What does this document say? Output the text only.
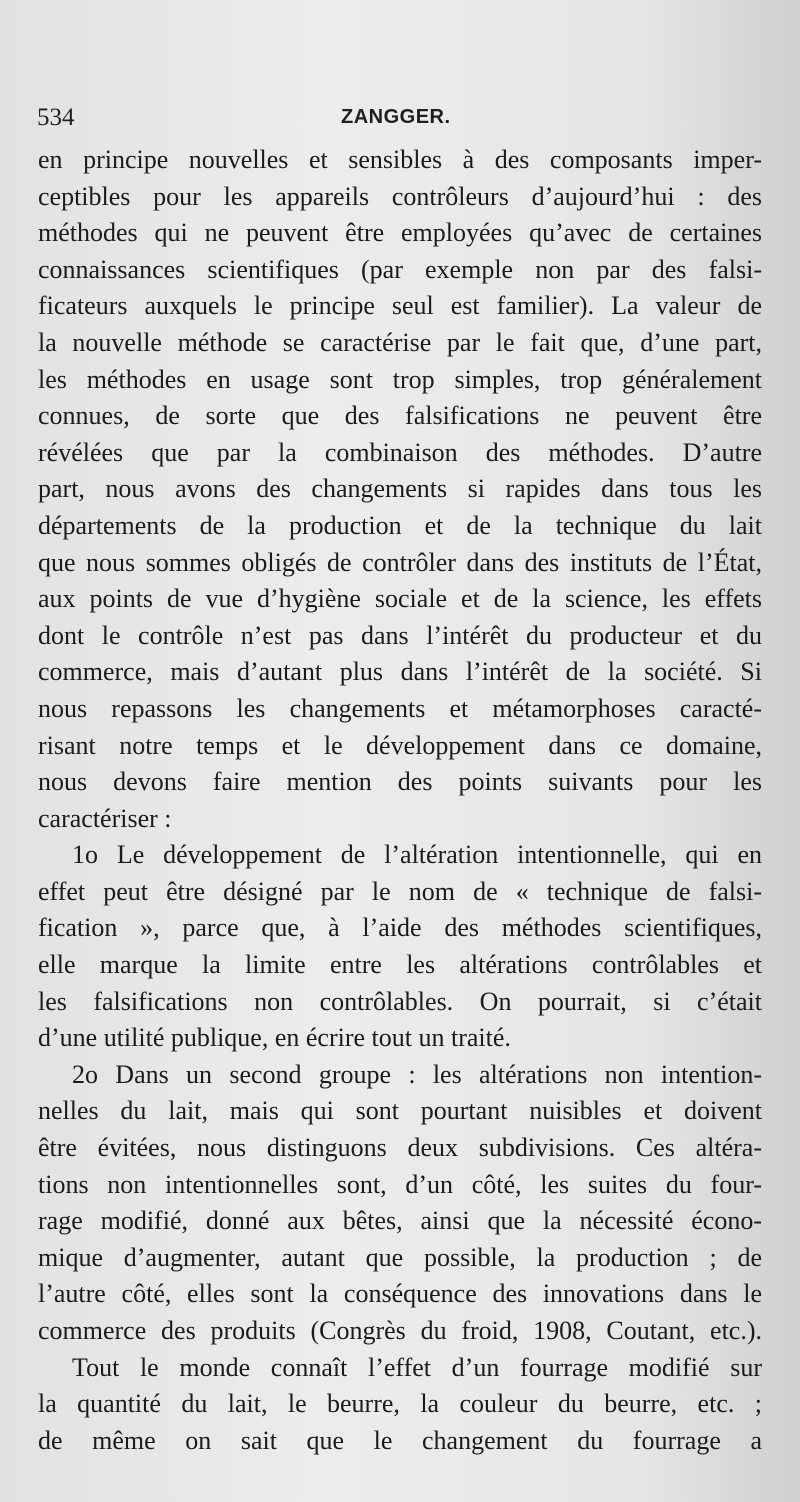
534	ZANGGER.
en principe nouvelles et sensibles à des composants imper-
ceptibles pour les appareils contrôleurs d’aujourd’hui : des
méthodes qui ne peuvent être employées qu’avec de certaines
connaissances scientifiques (par exemple non par des falsi-
ficateurs auxquels le principe seul est familier). La valeur de
la nouvelle méthode se caractérise par le fait que, d’une part,
les méthodes en usage sont trop simples, trop généralement
connues, de sorte que des falsifications ne peuvent être
révélées que par la combinaison des méthodes. D’autre
part, nous avons des changements si rapides dans tous les
départements de la production et de la technique du lait
que nous sommes obligés de contrôler dans des instituts de l’État,
aux points de vue d’hygiène sociale et de la science, les effets
dont le contrôle n’est pas dans l’intérêt du producteur et du
commerce, mais d’autant plus dans l’intérêt de la société. Si
nous repassons les changements et métamorphoses caracté-
risant notre temps et le développement dans ce domaine,
nous devons faire mention des points suivants pour les
caractériser :
1o Le développement de l’altération intentionnelle, qui en
effet peut être désigné par le nom de « technique de falsi-
fication », parce que, à l’aide des méthodes scientifiques,
elle marque la limite entre les altérations contrôlables et
les falsifications non contrôlables. On pourrait, si c’était
d’une utilité publique, en écrire tout un traité.
2o Dans un second groupe : les altérations non intention-
nelles du lait, mais qui sont pourtant nuisibles et doivent
être évitées, nous distinguons deux subdivisions. Ces altéra-
tions non intentionnelles sont, d’un côté, les suites du four-
rage modifié, donné aux bêtes, ainsi que la nécessité écono-
mique d’augmenter, autant que possible, la production ; de
l’autre côté, elles sont la conséquence des innovations dans le
commerce des produits (Congrès du froid, 1908, Coutant, etc.).
Tout le monde connaît l’effet d’un fourrage modifié sur
la quantité du lait, le beurre, la couleur du beurre, etc. ;
de même on sait que le changement du fourrage a
